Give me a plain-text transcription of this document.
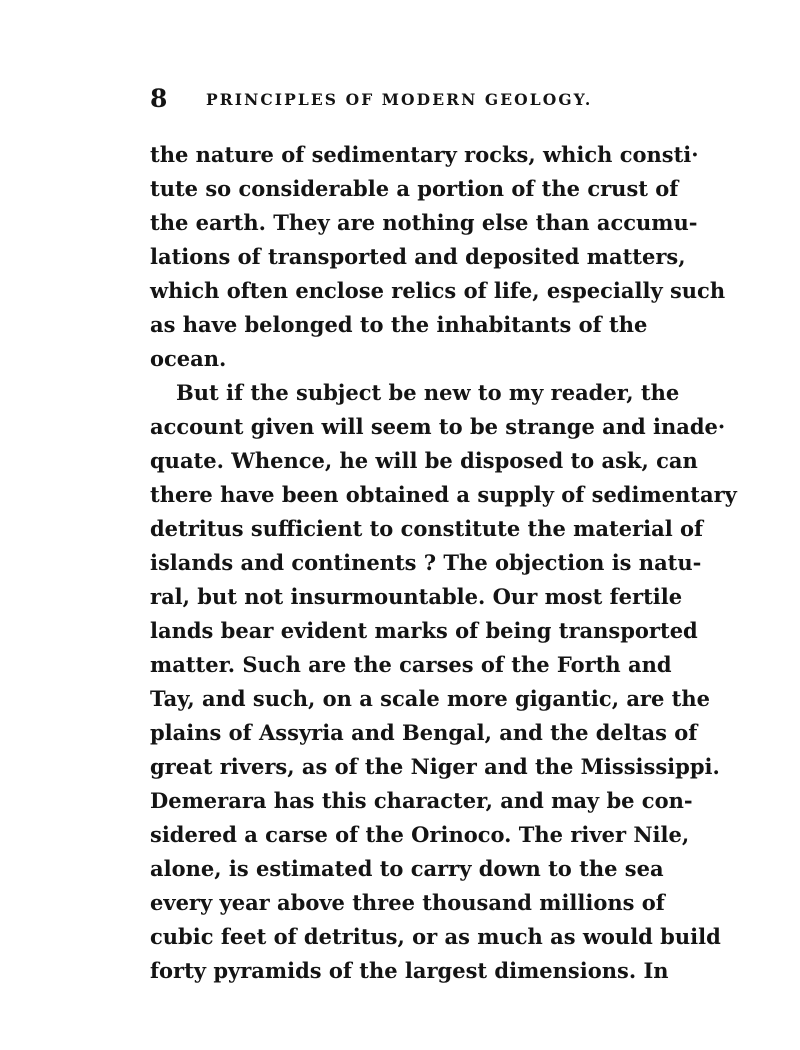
8 PRINCIPLES OF MODERN GEOLOGY.
the nature of sedimentary rocks, which consti·
tute so considerable a portion of the crust of
the earth. They are nothing else than accumu-
lations of transported and deposited matters,
which often enclose relics of life, especially such
as have belonged to the inhabitants of the
ocean.
But if the subject be new to my reader, the
account given will seem to be strange and inade·
quate. Whence, he will be disposed to ask, can
there have been obtained a supply of sedimentary
detritus sufficient to constitute the material of
islands and continents ? The objection is natu-
ral, but not insurmountable. Our most fertile
lands bear evident marks of being transported
matter. Such are the carses of the Forth and
Tay, and such, on a scale more gigantic, are the
plains of Assyria and Bengal, and the deltas of
great rivers, as of the Niger and the Mississippi.
Demerara has this character, and may be con-
sidered a carse of the Orinoco. The river Nile,
alone, is estimated to carry down to the sea
every year above three thousand millions of
cubic feet of detritus, or as much as would build
forty pyramids of the largest dimensions. In
